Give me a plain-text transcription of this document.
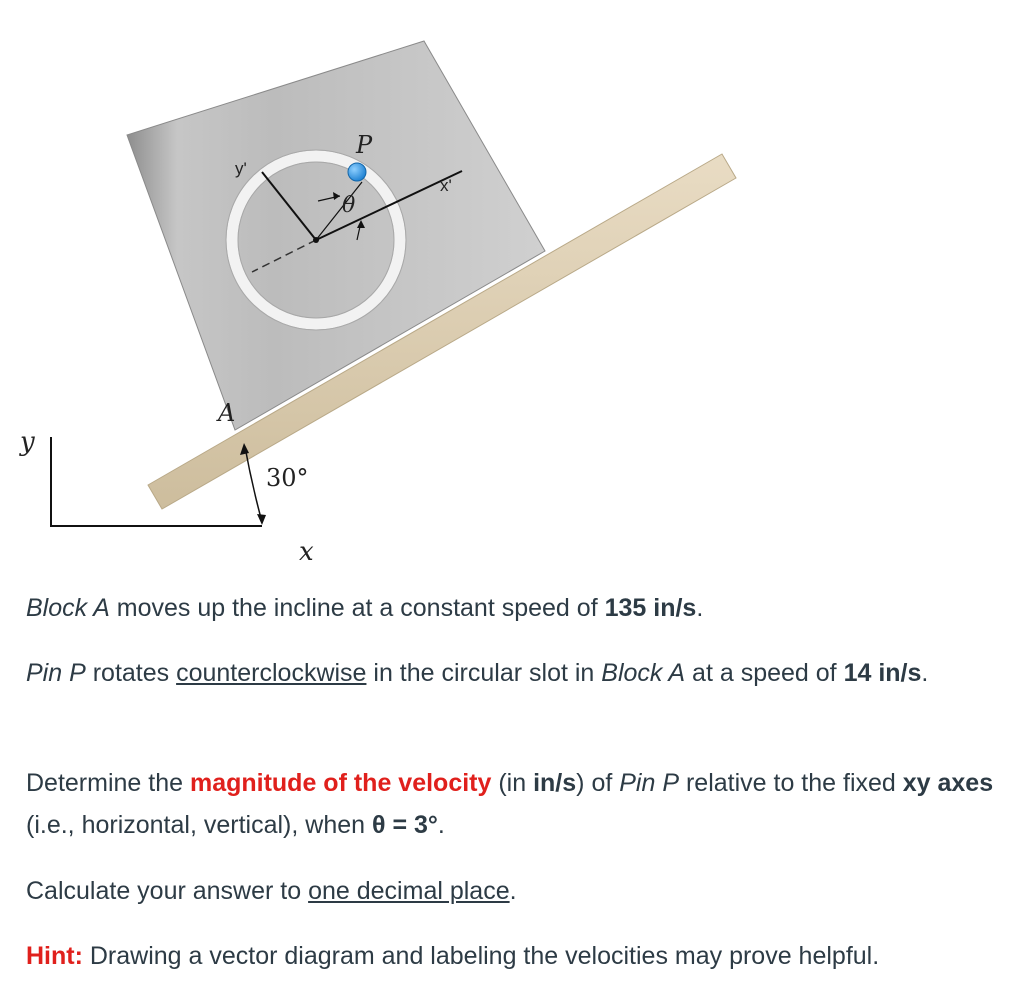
P
θ
x'
y'
A
y
x
30°

Block A moves up the incline at a constant speed of 135 in/s.

Pin P rotates counterclockwise in the circular slot in Block A at a speed of 14 in/s.

Determine the magnitude of the velocity (in in/s) of Pin P relative to the fixed xy axes (i.e., horizontal, vertical), when θ = 3°.

Calculate your answer to one decimal place.

Hint: Drawing a vector diagram and labeling the velocities may prove helpful.
